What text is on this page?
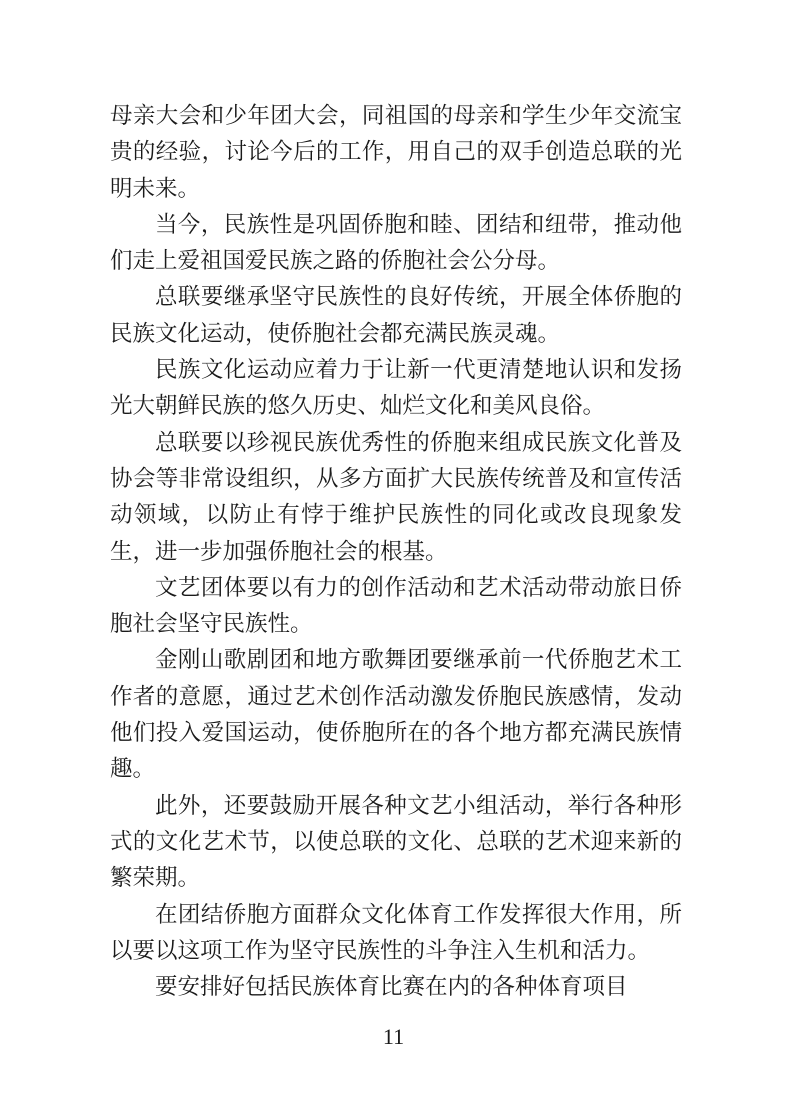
母亲大会和少年团大会，同祖国的母亲和学生少年交流宝贵的经验，讨论今后的工作，用自己的双手创造总联的光明未来。

当今，民族性是巩固侨胞和睦、团结和纽带，推动他们走上爱祖国爱民族之路的侨胞社会公分母。

总联要继承坚守民族性的良好传统，开展全体侨胞的民族文化运动，使侨胞社会都充满民族灵魂。

民族文化运动应着力于让新一代更清楚地认识和发扬光大朝鲜民族的悠久历史、灿烂文化和美风良俗。

总联要以珍视民族优秀性的侨胞来组成民族文化普及协会等非常设组织，从多方面扩大民族传统普及和宣传活动领域，以防止有悖于维护民族性的同化或改良现象发生，进一步加强侨胞社会的根基。

文艺团体要以有力的创作活动和艺术活动带动旅日侨胞社会坚守民族性。

金刚山歌剧团和地方歌舞团要继承前一代侨胞艺术工作者的意愿，通过艺术创作活动激发侨胞民族感情，发动他们投入爱国运动，使侨胞所在的各个地方都充满民族情趣。

此外，还要鼓励开展各种文艺小组活动，举行各种形式的文化艺术节，以使总联的文化、总联的艺术迎来新的繁荣期。

在团结侨胞方面群众文化体育工作发挥很大作用，所以要以这项工作为坚守民族性的斗争注入生机和活力。

要安排好包括民族体育比赛在内的各种体育项目

11
